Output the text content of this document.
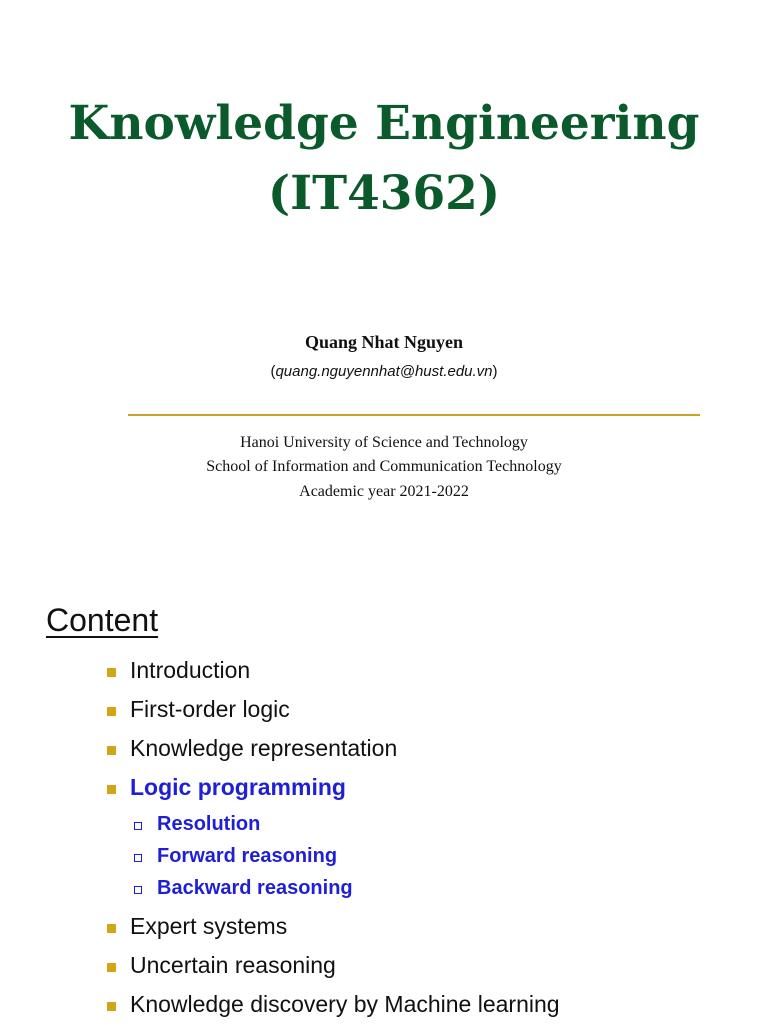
Knowledge Engineering
(IT4362)
Quang Nhat Nguyen
(quang.nguyennhat@hust.edu.vn)
Hanoi University of Science and Technology
School of Information and Communication Technology
Academic year 2021-2022
Content
Introduction
First-order logic
Knowledge representation
Logic programming
Resolution
Forward reasoning
Backward reasoning
Expert systems
Uncertain reasoning
Knowledge discovery by Machine learning
